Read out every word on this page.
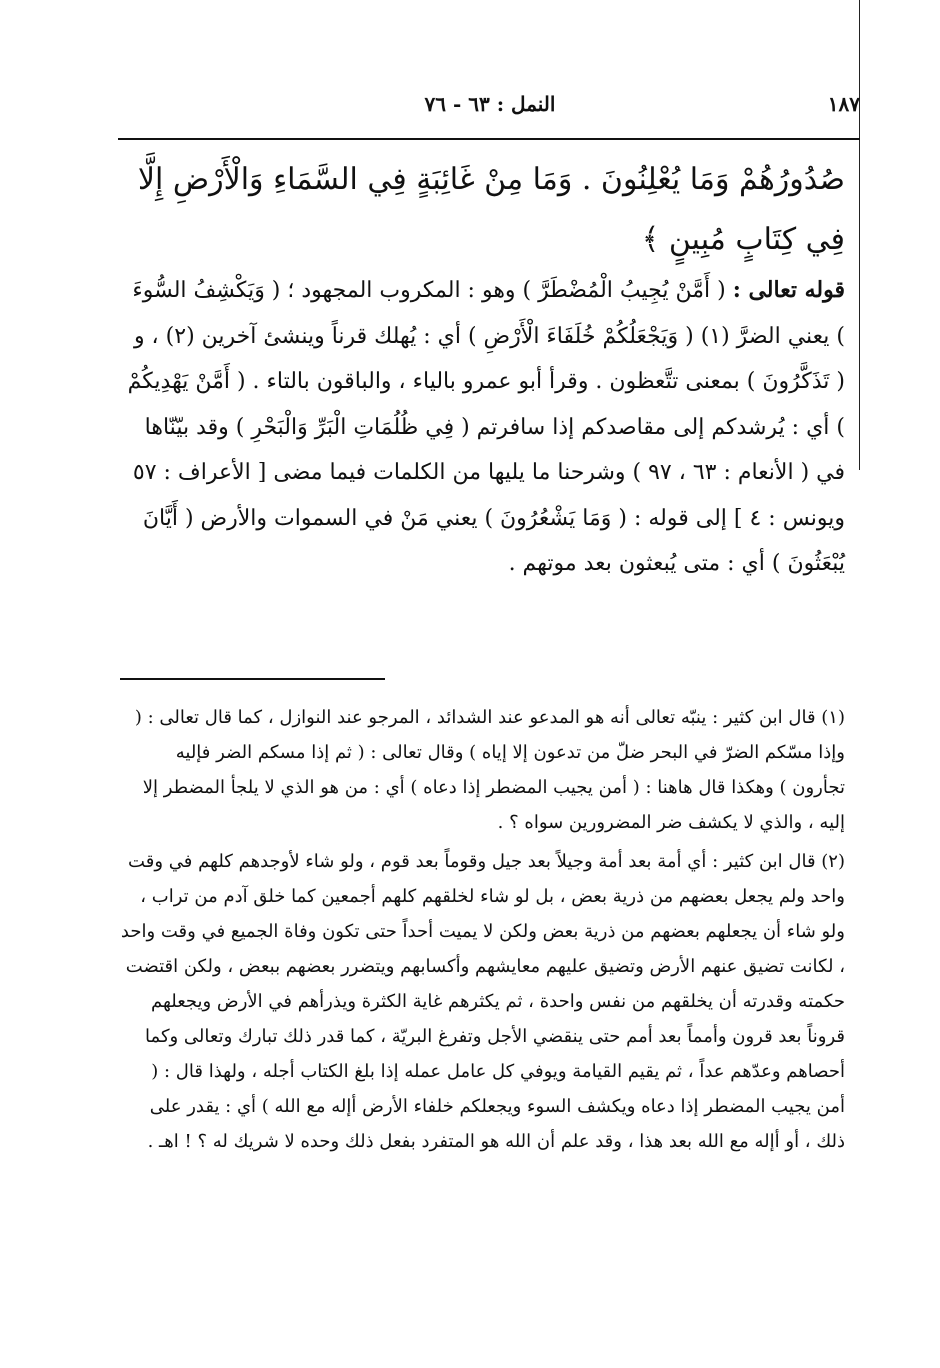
١٨٧
النمل : ٦٣ - ٧٦
صُدُورُهُمْ وَمَا يُعْلِنُونَ . وَمَا مِنْ غَائِبَةٍ فِي السَّمَاءِ وَالْأَرْضِ إِلَّا فِي كِتَابٍ مُبِينٍ ﴾
قوله تعالى : ( أَمَّنْ يُجِيبُ الْمُضْطَرَّ ) وهو : المكروب المجهود ؛ ( وَيَكْشِفُ السُّوءَ ) يعني الضرَّ (١) ( وَيَجْعَلُكُمْ خُلَفَاءَ الْأَرْضِ ) أي : يُهلك قرناً وينشئ آخرين (٢) ، و ( تَذَكَّرُونَ ) بمعنى تتَّعظون . وقرأ أبو عمرو بالياء ، والباقون بالتاء . ( أَمَّنْ يَهْدِيكُمْ ) أي : يُرشدكم إلى مقاصدكم إذا سافرتم ( فِي ظُلُمَاتِ الْبَرِّ وَالْبَحْرِ ) وقد بيّنّاها في ( الأنعام : ٦٣ ، ٩٧ ) وشرحنا ما يليها من الكلمات فيما مضى [ الأعراف : ٥٧ ويونس : ٤ ] إلى قوله : ( وَمَا يَشْعُرُونَ ) يعني مَنْ في السموات والأرض ( أَيَّانَ يُبْعَثُونَ ) أي : متى يُبعثون بعد موتهم .

(١) قال ابن كثير : ينبّه تعالى أنه هو المدعو عند الشدائد ، المرجو عند النوازل ، كما قال تعالى : ( وإذا مسّكم الضرّ في البحر ضلّ من تدعون إلا إياه ) وقال تعالى : ( ثم إذا مسكم الضر فإليه تجأرون ) وهكذا قال هاهنا : ( أمن يجيب المضطر إذا دعاه ) أي : من هو الذي لا يلجأ المضطر إلا إليه ، والذي لا يكشف ضر المضرورين سواه ؟ .

(٢) قال ابن كثير : أي أمة بعد أمة وجيلاً بعد جيل وقوماً بعد قوم ، ولو شاء لأوجدهم كلهم في وقت واحد ولم يجعل بعضهم من ذرية بعض ، بل لو شاء لخلقهم كلهم أجمعين كما خلق آدم من تراب ، ولو شاء أن يجعلهم بعضهم من ذرية بعض ولكن لا يميت أحداً حتى تكون وفاة الجميع في وقت واحد ، لكانت تضيق عنهم الأرض وتضيق عليهم معايشهم وأكسابهم ويتضرر بعضهم ببعض ، ولكن اقتضت حكمته وقدرته أن يخلقهم من نفس واحدة ، ثم يكثرهم غاية الكثرة ويذرأهم في الأرض ويجعلهم قروناً بعد قرون وأمماً بعد أمم حتى ينقضي الأجل وتفرغ البريّة ، كما قدر ذلك تبارك وتعالى وكما أحصاهم وعدّهم عداً ، ثم يقيم القيامة ويوفي كل عامل عمله إذا بلغ الكتاب أجله ، ولهذا قال : ( أمن يجيب المضطر إذا دعاه ويكشف السوء ويجعلكم خلفاء الأرض أإله مع الله ) أي : يقدر على ذلك ، أو أإله مع الله بعد هذا ، وقد علم أن الله هو المتفرد بفعل ذلك وحده لا شريك له ؟ ! اهـ .
